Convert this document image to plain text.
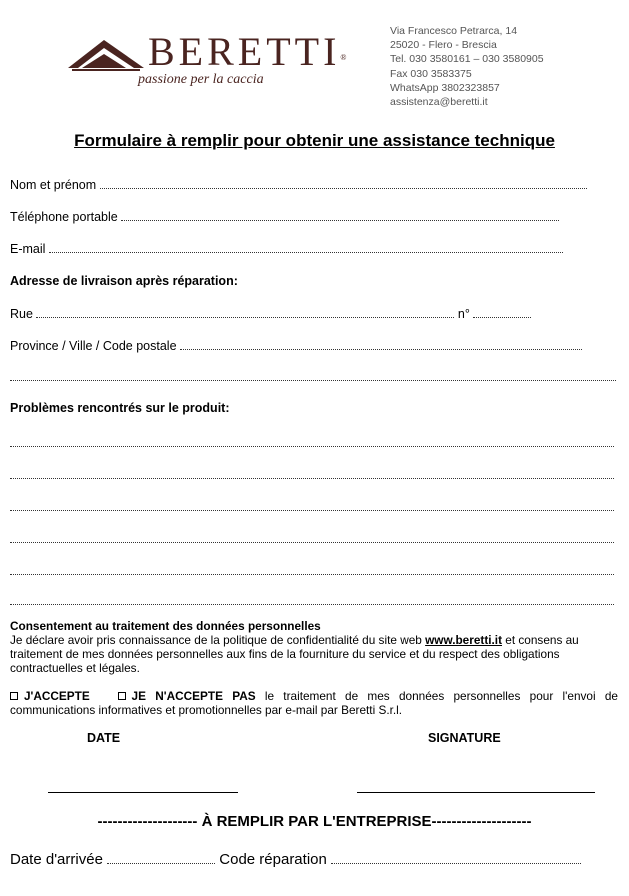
BERETTI®
passione per la caccia
Via Francesco Petrarca, 14
25020 - Flero - Brescia
Tel. 030 3580161 – 030 3580905
Fax 030 3583375
WhatsApp 3802323857
assistenza@beretti.it
Formulaire à remplir pour obtenir une assistance technique
Nom et prénom
Téléphone portable
E-mail
Adresse de livraison après réparation:
Rue	n°
Province / Ville / Code postale
Problèmes rencontrés sur le produit:
Consentement au traitement des données personnelles
Je déclare avoir pris connaissance de la politique de confidentialité du site web www.beretti.it et consens au traitement de mes données personnelles aux fins de la fourniture du service et du respect des obligations contractuelles et légales.
J'ACCEPTE	JE N'ACCEPTE PAS le traitement de mes données personnelles pour l'envoi de communications informatives et promotionnelles par e-mail par Beretti S.r.l.
DATE	SIGNATURE
-------------------- À REMPLIR PAR L'ENTREPRISE--------------------
Date d'arrivée	Code réparation
